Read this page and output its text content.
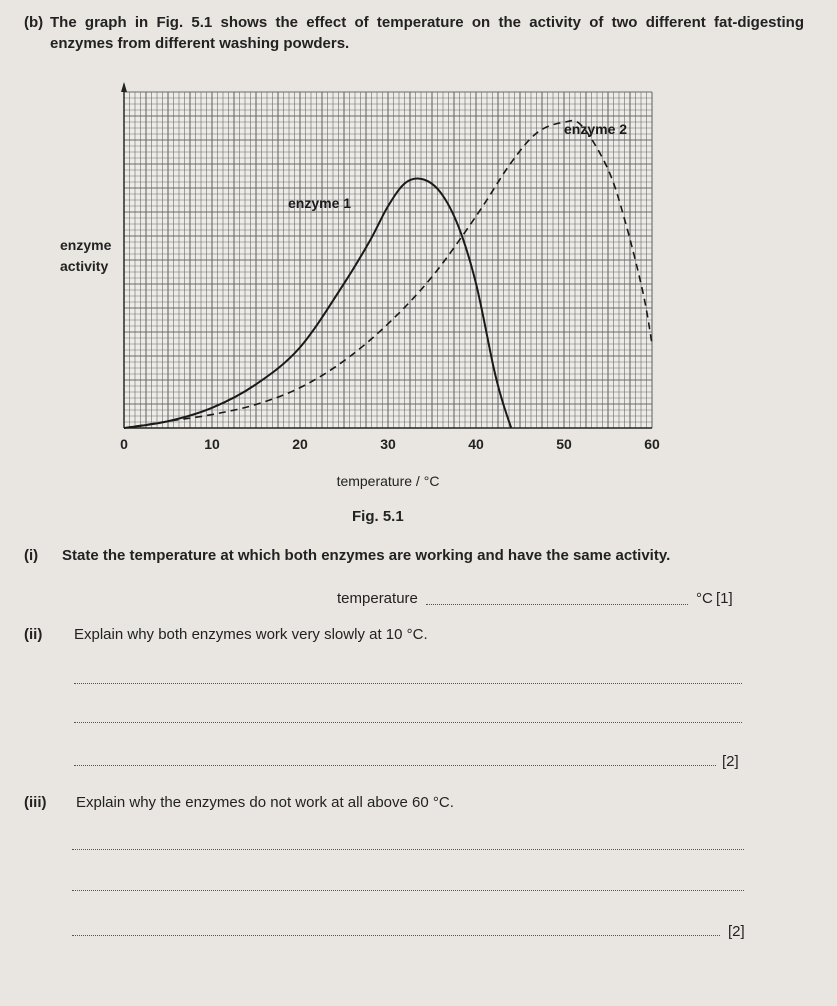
(b) The graph in Fig. 5.1 shows the effect of temperature on the activity of two different fat-digesting enzymes from different washing powders.
0	10	20	30	40	50	60
temperature / °C
enzyme
activity
enzyme 1
enzyme 2
Fig. 5.1
(i) State the temperature at which both enzymes are working and have the same activity.
temperature	°C [1]
(ii) Explain why both enzymes work very slowly at 10 °C.
[2]
(iii) Explain why the enzymes do not work at all above 60 °C.
[2]
